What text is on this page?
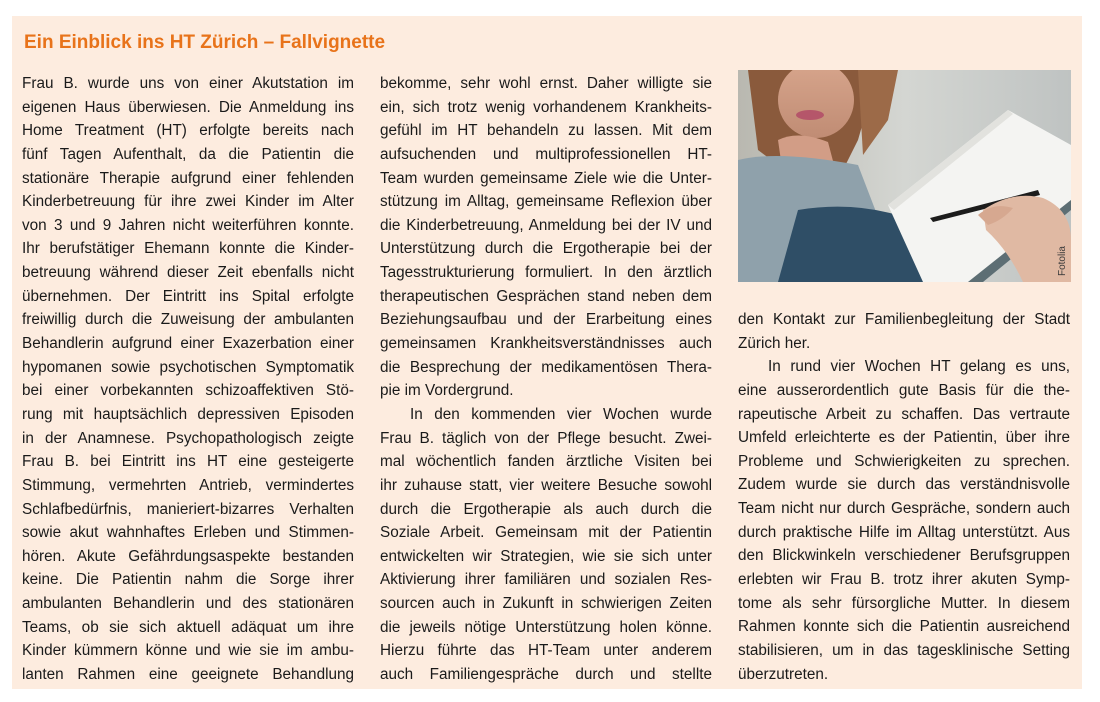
Ein Einblick ins HT Zürich – Fallvignette
Frau B. wurde uns von einer Akutstation im
eigenen Haus überwiesen. Die Anmeldung ins
Home Treatment (HT) erfolgte bereits nach
fünf Tagen Aufenthalt, da die Patientin die
stationäre Therapie aufgrund einer fehlenden
Kinderbetreuung für ihre zwei Kinder im Alter
von 3 und 9 Jahren nicht weiterführen konnte.
Ihr berufstätiger Ehemann konnte die Kinder-
betreuung während dieser Zeit ebenfalls nicht
übernehmen. Der Eintritt ins Spital erfolgte
freiwillig durch die Zuweisung der ambulanten
Behandlerin aufgrund einer Exazerbation einer
hypomanen sowie psychotischen Symptomatik
bei einer vorbekannten schizoaffektiven Stö-
rung mit hauptsächlich depressiven Episoden
in der Anamnese. Psychopathologisch zeigte
Frau B. bei Eintritt ins HT eine gesteigerte
Stimmung, vermehrten Antrieb, vermindertes
Schlafbedürfnis, manieriert-bizarres Verhalten
sowie akut wahnhaftes Erleben und Stimmen-
hören. Akute Gefährdungsaspekte bestanden
keine. Die Patientin nahm die Sorge ihrer
ambulanten Behandlerin und des stationären
Teams, ob sie sich aktuell adäquat um ihre
Kinder kümmern könne und wie sie im ambu-
lanten Rahmen eine geeignete Behandlung
bekomme, sehr wohl ernst. Daher willigte sie
ein, sich trotz wenig vorhandenem Krankheits-
gefühl im HT behandeln zu lassen. Mit dem
aufsuchenden und multiprofessionellen HT-
Team wurden gemeinsame Ziele wie die Unter-
stützung im Alltag, gemeinsame Reflexion über
die Kinderbetreuung, Anmeldung bei der IV und
Unterstützung durch die Ergotherapie bei der
Tagesstrukturierung formuliert. In den ärztlich
therapeutischen Gesprächen stand neben dem
Beziehungsaufbau und der Erarbeitung eines
gemeinsamen Krankheitsverständnisses auch
die Besprechung der medikamentösen Thera-
pie im Vordergrund.
In den kommenden vier Wochen wurde
Frau B. täglich von der Pflege besucht. Zwei-
mal wöchentlich fanden ärztliche Visiten bei
ihr zuhause statt, vier weitere Besuche sowohl
durch die Ergotherapie als auch durch die
Soziale Arbeit. Gemeinsam mit der Patientin
entwickelten wir Strategien, wie sie sich unter
Aktivierung ihrer familiären und sozialen Res-
sourcen auch in Zukunft in schwierigen Zeiten
die jeweils nötige Unterstützung holen könne.
Hierzu führte das HT-Team unter anderem
auch Familiengespräche durch und stellte
Fotolia
den Kontakt zur Familienbegleitung der Stadt
Zürich her.
In rund vier Wochen HT gelang es uns,
eine ausserordentlich gute Basis für die the-
rapeutische Arbeit zu schaffen. Das vertraute
Umfeld erleichterte es der Patientin, über ihre
Probleme und Schwierigkeiten zu sprechen.
Zudem wurde sie durch das verständnisvolle
Team nicht nur durch Gespräche, sondern auch
durch praktische Hilfe im Alltag unterstützt. Aus
den Blickwinkeln verschiedener Berufsgruppen
erlebten wir Frau B. trotz ihrer akuten Symp-
tome als sehr fürsorgliche Mutter. In diesem
Rahmen konnte sich die Patientin ausreichend
stabilisieren, um in das tagesklinische Setting
überzutreten.
